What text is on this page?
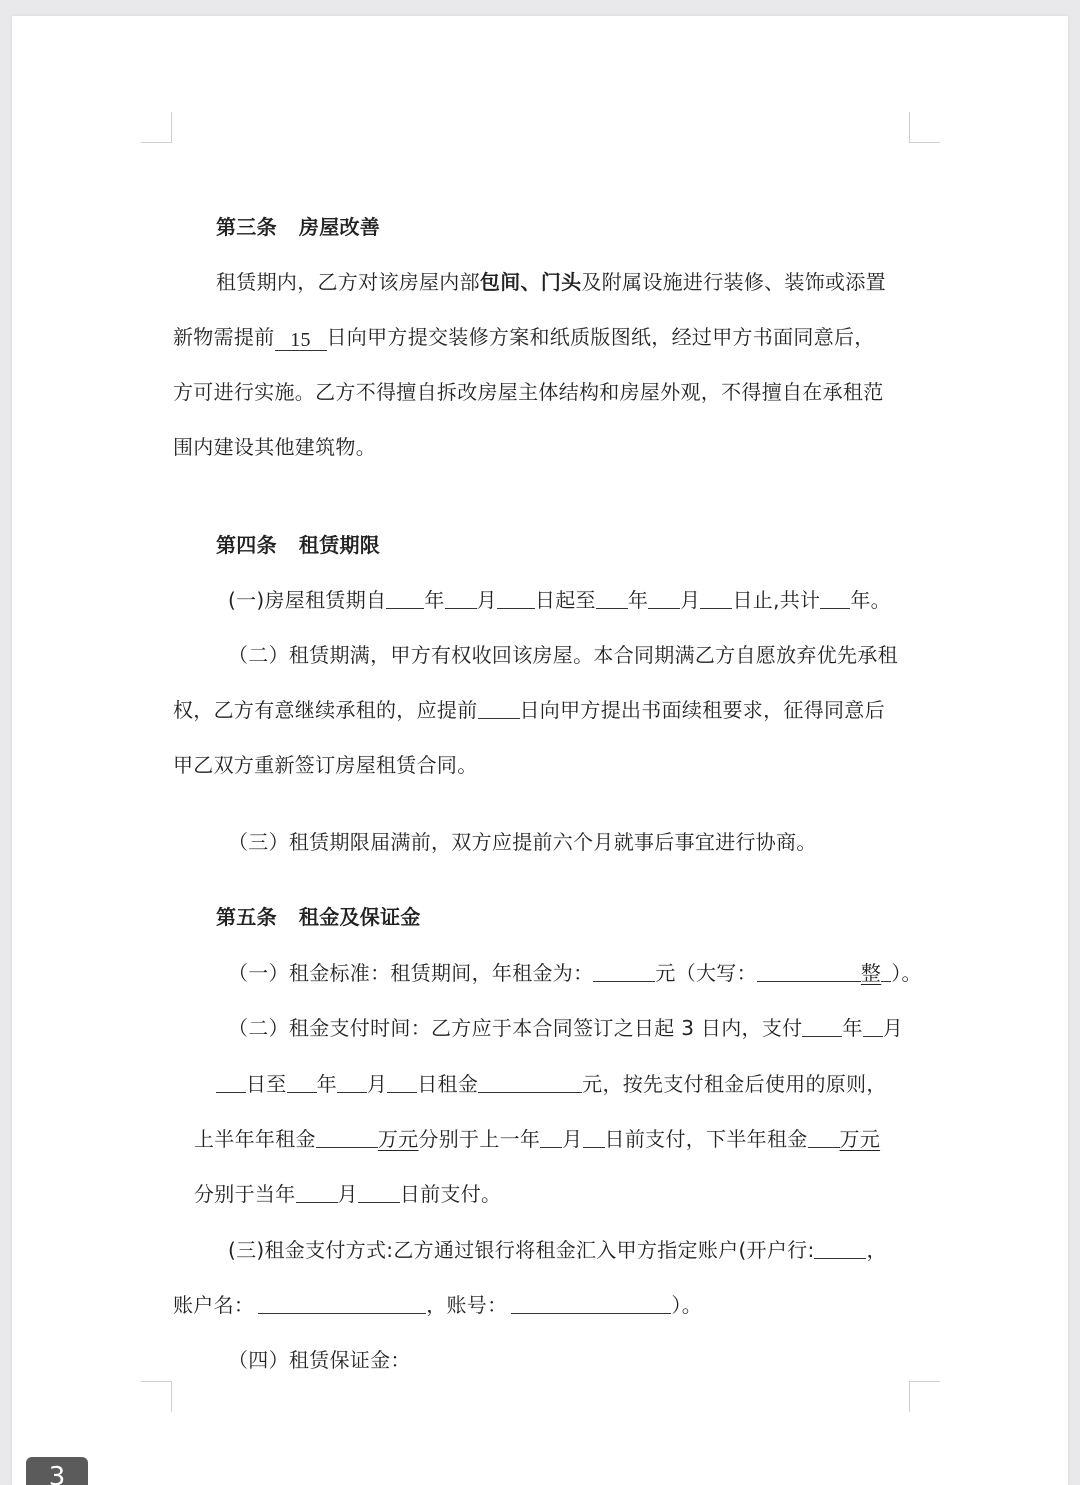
第三条 房屋改善
租赁期内，乙方对该房屋内部包间、门头及附属设施进行装修、装饰或添置
新物需提前 15 日向甲方提交装修方案和纸质版图纸，经过甲方书面同意后，
方可进行实施。乙方不得擅自拆改房屋主体结构和房屋外观，不得擅自在承租范
围内建设其他建筑物。
第四条 租赁期限
(一)房屋租赁期自 年 月 日起至 年 月 日止,共计 年。
（二）租赁期满，甲方有权收回该房屋。本合同期满乙方自愿放弃优先承租
权，乙方有意继续承租的，应提前 日向甲方提出书面续租要求，征得同意后
甲乙双方重新签订房屋租赁合同。
（三）租赁期限届满前，双方应提前六个月就事后事宜进行协商。
第五条 租金及保证金
（一）租金标准：租赁期间，年租金为：	元（大写：	整 ）。
（二）租金支付时间：乙方应于本合同签订之日起 3 日内，支付 年 月
日至 年 月 日租金	元，按先支付租金后使用的原则，
上半年年租金	万元分别于上一年 月 日前支付，下半年租金 万元
分别于当年 月 日前支付。
(三)租金支付方式:乙方通过银行将租金汇入甲方指定账户(开户行:	，
账户名：	，账号：	）。
（四）租赁保证金：
3
